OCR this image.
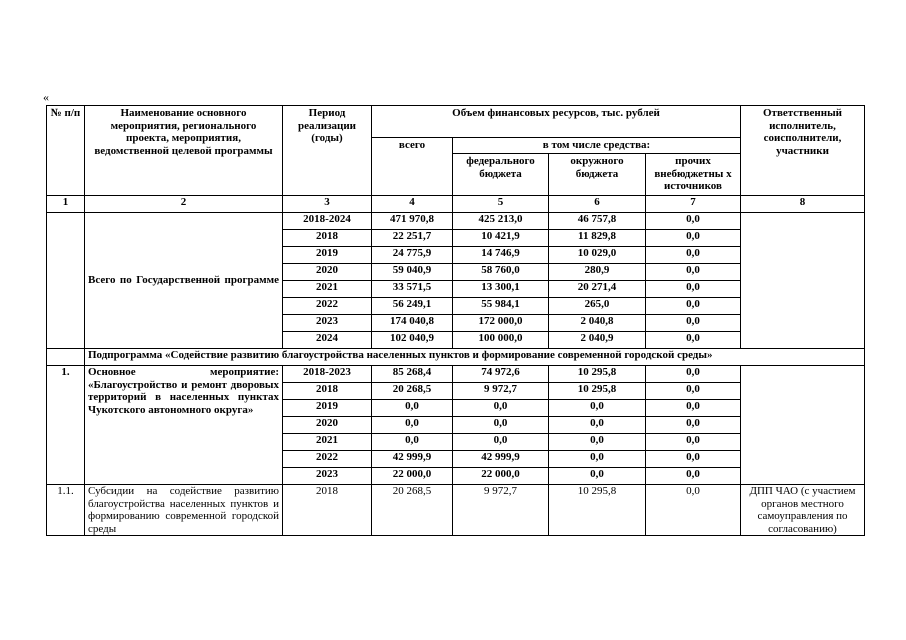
«
№ п/п	Наименование основного мероприятия, регионального проекта, мероприятия, ведомственной целевой программы	Период реализации (годы)	Объем финансовых ресурсов, тыс. рублей				Ответственный исполнитель, соисполнители, участники
			всего	в том числе средства:			
				федерального бюджета	окружного бюджета	прочих внебюджетны х источников	
1	2	3	4	5	6	7	8
	Всего по Государственной программе	2018-2024	471 970,8	425 213,0	46 757,8	0,0	
		2018	22 251,7	10 421,9	11 829,8	0,0	
		2019	24 775,9	14 746,9	10 029,0	0,0	
		2020	59 040,9	58 760,0	280,9	0,0	
		2021	33 571,5	13 300,1	20 271,4	0,0	
		2022	56 249,1	55 984,1	265,0	0,0	
		2023	174 040,8	172 000,0	2 040,8	0,0	
		2024	102 040,9	100 000,0	2 040,9	0,0	
	Подпрограмма «Содействие развитию благоустройства населенных пунктов и формирование современной городской среды»						
1.	Основное мероприятие: «Благоустройство и ремонт дворовых территорий в населенных пунктах Чукотского автономного округа»	2018-2023	85 268,4	74 972,6	10 295,8	0,0	
		2018	20 268,5	9 972,7	10 295,8	0,0	
		2019	0,0	0,0	0,0	0,0	
		2020	0,0	0,0	0,0	0,0	
		2021	0,0	0,0	0,0	0,0	
		2022	42 999,9	42 999,9	0,0	0,0	
		2023	22 000,0	22 000,0	0,0	0,0	
1.1.	Субсидии на содействие развитию благоустройства населенных пунктов и формированию современной городской среды	2018	20 268,5	9 972,7	10 295,8	0,0	ДПП ЧАО (с участием органов местного самоуправления по согласованию)
